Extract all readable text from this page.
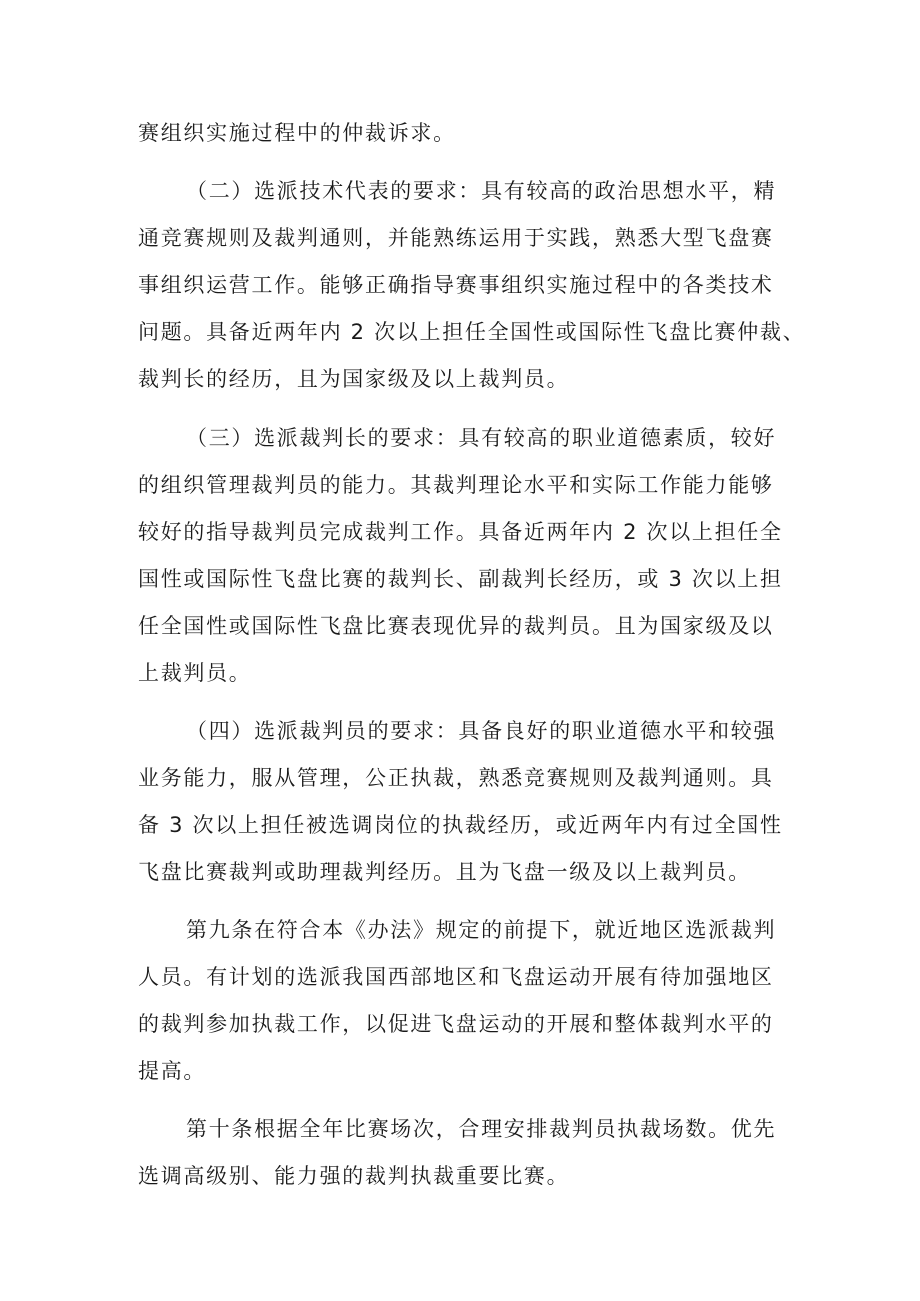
赛组织实施过程中的仲裁诉求。
（二）选派技术代表的要求：具有较高的政治思想水平，精
通竞赛规则及裁判通则，并能熟练运用于实践，熟悉大型飞盘赛
事组织运营工作。能够正确指导赛事组织实施过程中的各类技术
问题。具备近两年内 2 次以上担任全国性或国际性飞盘比赛仲裁、
裁判长的经历，且为国家级及以上裁判员。
（三）选派裁判长的要求：具有较高的职业道德素质，较好
的组织管理裁判员的能力。其裁判理论水平和实际工作能力能够
较好的指导裁判员完成裁判工作。具备近两年内 2 次以上担任全
国性或国际性飞盘比赛的裁判长、副裁判长经历，或 3 次以上担
任全国性或国际性飞盘比赛表现优异的裁判员。且为国家级及以
上裁判员。
（四）选派裁判员的要求：具备良好的职业道德水平和较强
业务能力，服从管理，公正执裁，熟悉竞赛规则及裁判通则。具
备 3 次以上担任被选调岗位的执裁经历，或近两年内有过全国性
飞盘比赛裁判或助理裁判经历。且为飞盘一级及以上裁判员。
第九条在符合本《办法》规定的前提下，就近地区选派裁判
人员。有计划的选派我国西部地区和飞盘运动开展有待加强地区
的裁判参加执裁工作，以促进飞盘运动的开展和整体裁判水平的
提高。
第十条根据全年比赛场次，合理安排裁判员执裁场数。优先
选调高级别、能力强的裁判执裁重要比赛。
